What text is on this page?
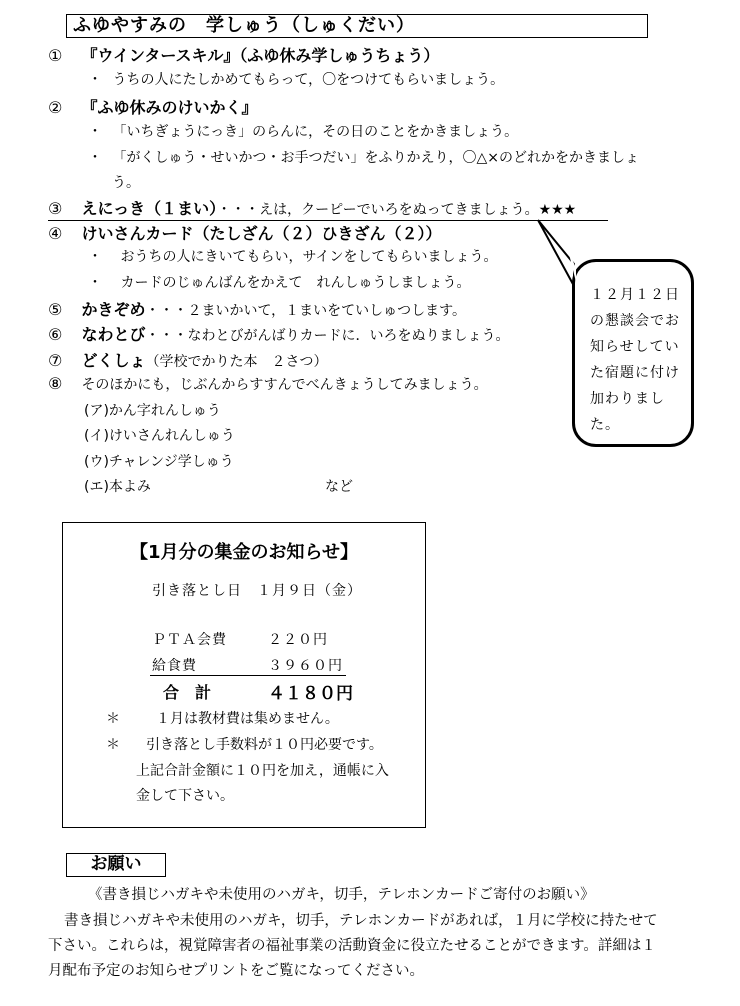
ふゆやすみの　学しゅう（しゅくだい）
① 『ウインタースキル』（ふゆ休み学しゅうちょう）
・ うちの人にたしかめてもらって，〇をつけてもらいましょう。
② 『ふゆ休みのけいかく』
・ 「いちぎょうにっき」のらんに，その日のことをかきましょう。
・ 「がくしゅう・せいかつ・お手つだい」をふりかえり，〇△×のどれかをかきましょ
う。
③ えにっき（１まい）・・・えは，クーピーでいろをぬってきましょう。★★★
④ けいさんカード（たしざん（２）ひきざん（２））
・ おうちの人にきいてもらい，サインをしてもらいましょう。
・ カードのじゅんばんをかえて　れんしゅうしましょう。
⑤ かきぞめ・・・２まいかいて，１まいをていしゅつします。
⑥ なわとび・・・なわとびがんばりカードに．いろをぬりましょう。
⑦ どくしょ（学校でかりた本　２さつ）
⑧ そのほかにも，じぶんからすすんでべんきょうしてみましょう。
(ア)かん字れんしゅう
(イ)けいさんれんしゅう
(ウ)チャレンジ学しゅう
(エ)本よみ	など
１２月１２日の懇談会でお知らせしていた宿題に付け加わりました。
【1月分の集金のお知らせ】
引き落とし日　１月９日（金）
ＰＴＡ会費	２２０円
給食費	３９６０円
合　計	４１８０円
＊	１月は教材費は集めません。
＊ 引き落とし手数料が１０円必要です。
上記合計金額に１０円を加え，通帳に入
金して下さい。
お願い
《書き損じハガキや未使用のハガキ，切手，テレホンカードご寄付のお願い》
書き損じハガキや未使用のハガキ，切手，テレホンカードがあれば，１月に学校に持たせて
下さい。これらは，視覚障害者の福祉事業の活動資金に役立たせることができます。詳細は１
月配布予定のお知らせプリントをご覧になってください。
